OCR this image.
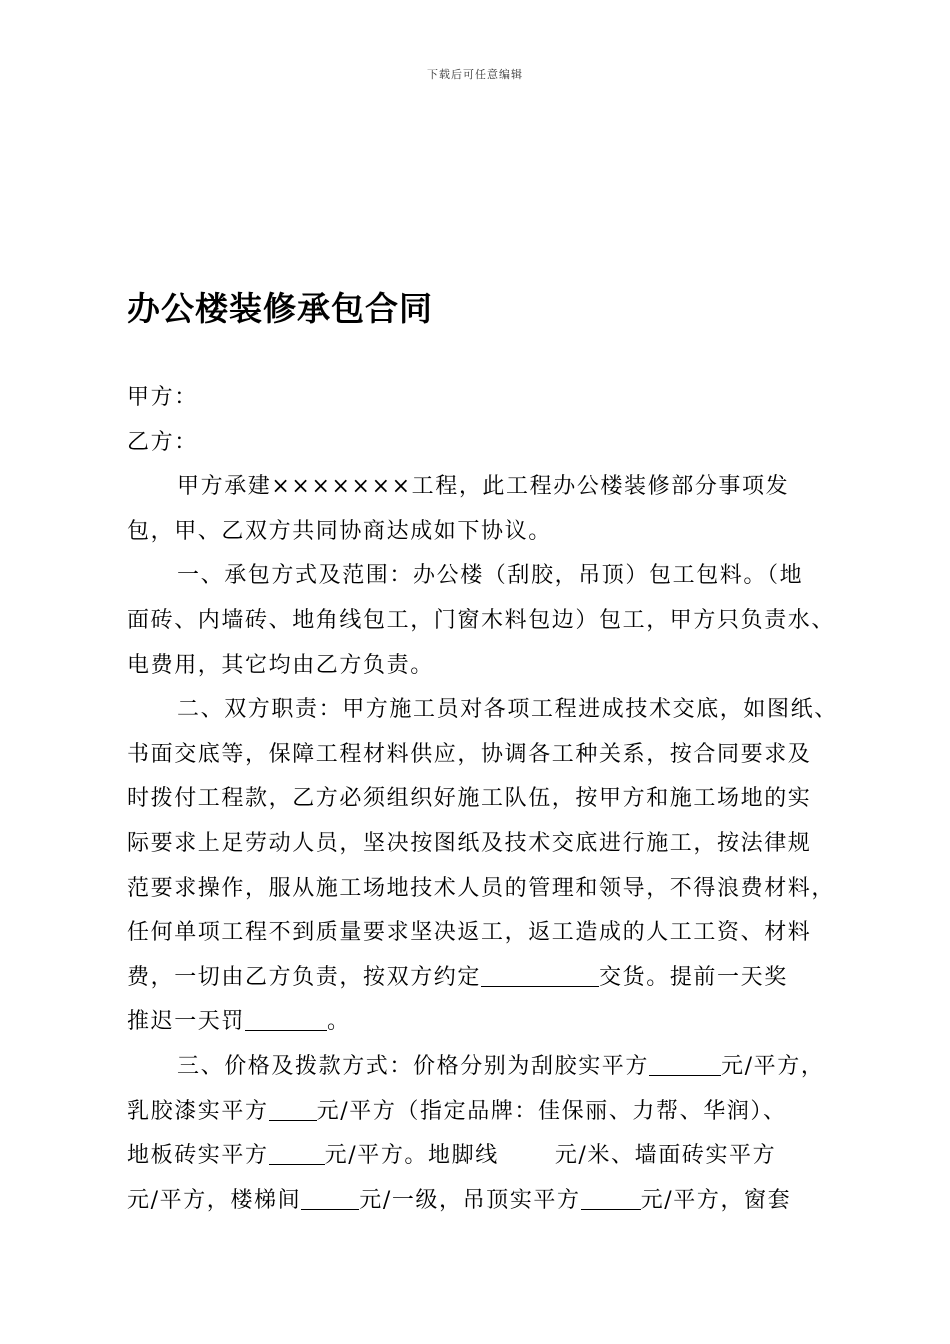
下载后可任意编辑
办公楼装修承包合同
甲方：
乙方：
甲方承建×××××××工程，此工程办公楼装修部分事项发
包，甲、乙双方共同协商达成如下协议。
一、承包方式及范围：办公楼（刮胶，吊顶）包工包料。（地
面砖、内墙砖、地角线包工，门窗木料包边）包工，甲方只负责水、
电费用，其它均由乙方负责。
二、双方职责：甲方施工员对各项工程进成技术交底，如图纸、
书面交底等，保障工程材料供应，协调各工种关系，按合同要求及
时拨付工程款，乙方必须组织好施工队伍，按甲方和施工场地的实
际要求上足劳动人员，坚决按图纸及技术交底进行施工，按法律规
范要求操作，服从施工场地技术人员的管理和领导，不得浪费材料，
任何单项工程不到质量要求坚决返工，返工造成的人工工资、材料
费，一切由乙方负责，按双方约定	交货。提前一天奖
推迟一天罚	。
三、价格及拨款方式：价格分别为刮胶实平方	元/平方，
乳胶漆实平方 元/平方（指定品牌：佳保丽、力帮、华润）、
地板砖实平方	元/平方。地脚线	元/米、墙面砖实平方
元/平方，楼梯间	元/一级，吊顶实平方	元/平方，窗套
